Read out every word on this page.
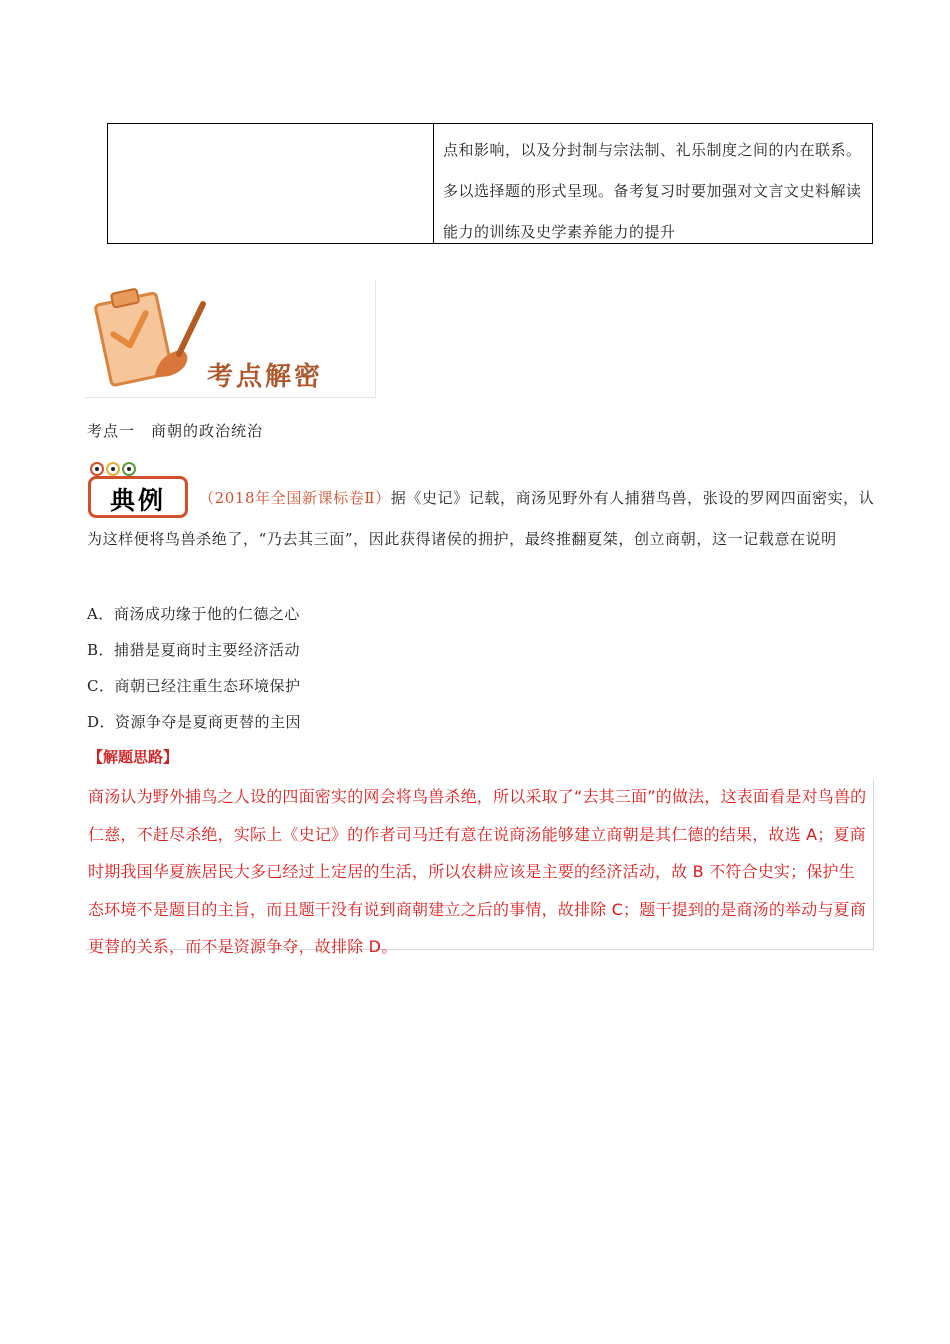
点和影响，以及分封制与宗法制、礼乐制度之间的内在联系。多以选择题的形式呈现。备考复习时要加强对文言文史料解读能力的训练及史学素养能力的提升
考点解密
考点一　商朝的政治统治
典例	（2018年全国新课标卷Ⅱ）据《史记》记载，商汤见野外有人捕猎鸟兽，张设的罗网四面密实，认为这样便将鸟兽杀绝了，“乃去其三面”，因此获得诸侯的拥护，最终推翻夏桀，创立商朝，这一记载意在说明
A．商汤成功缘于他的仁德之心
B．捕猎是夏商时主要经济活动
C．商朝已经注重生态环境保护
D．资源争夺是夏商更替的主因
【解题思路】
商汤认为野外捕鸟之人设的四面密实的网会将鸟兽杀绝，所以采取了“去其三面”的做法，这表面看是对鸟兽的仁慈，不赶尽杀绝，实际上《史记》的作者司马迁有意在说商汤能够建立商朝是其仁德的结果，故选 A；夏商时期我国华夏族居民大多已经过上定居的生活，所以农耕应该是主要的经济活动，故 B 不符合史实；保护生态环境不是题目的主旨，而且题干没有说到商朝建立之后的事情，故排除 C；题干提到的是商汤的举动与夏商更替的关系，而不是资源争夺，故排除 D。
